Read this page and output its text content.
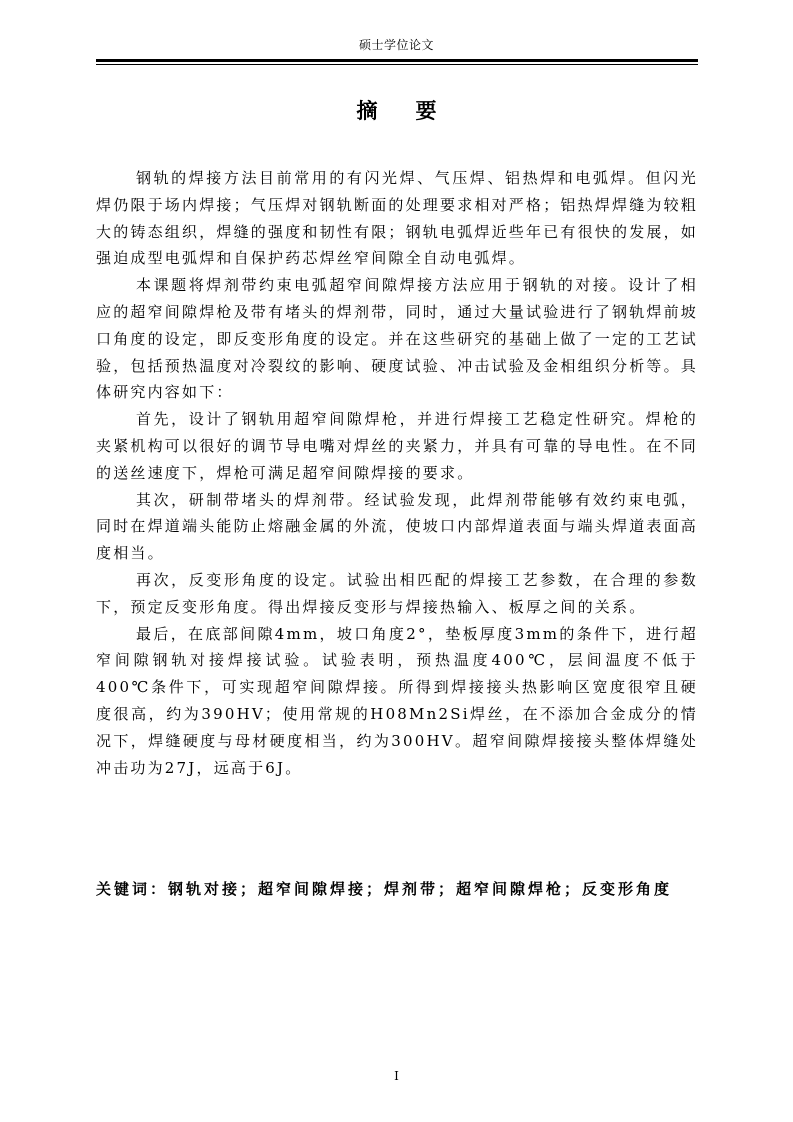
硕士学位论文
摘 要

钢轨的焊接方法目前常用的有闪光焊、气压焊、铝热焊和电弧焊。但闪光焊仍限于场内焊接；气压焊对钢轨断面的处理要求相对严格；铝热焊焊缝为较粗大的铸态组织，焊缝的强度和韧性有限；钢轨电弧焊近些年已有很快的发展，如强迫成型电弧焊和自保护药芯焊丝窄间隙全自动电弧焊。

本课题将焊剂带约束电弧超窄间隙焊接方法应用于钢轨的对接。设计了相应的超窄间隙焊枪及带有堵头的焊剂带，同时，通过大量试验进行了钢轨焊前坡口角度的设定，即反变形角度的设定。并在这些研究的基础上做了一定的工艺试验，包括预热温度对冷裂纹的影响、硬度试验、冲击试验及金相组织分析等。具体研究内容如下：

首先，设计了钢轨用超窄间隙焊枪，并进行焊接工艺稳定性研究。焊枪的夹紧机构可以很好的调节导电嘴对焊丝的夹紧力，并具有可靠的导电性。在不同的送丝速度下，焊枪可满足超窄间隙焊接的要求。

其次，研制带堵头的焊剂带。经试验发现，此焊剂带能够有效约束电弧，同时在焊道端头能防止熔融金属的外流，使坡口内部焊道表面与端头焊道表面高度相当。

再次，反变形角度的设定。试验出相匹配的焊接工艺参数，在合理的参数下，预定反变形角度。得出焊接反变形与焊接热输入、板厚之间的关系。

最后，在底部间隙4mm，坡口角度2°，垫板厚度3mm的条件下，进行超窄间隙钢轨对接焊接试验。试验表明，预热温度400℃，层间温度不低于400℃条件下，可实现超窄间隙焊接。所得到焊接接头热影响区宽度很窄且硬度很高，约为390HV；使用常规的H08Mn2Si焊丝，在不添加合金成分的情况下，焊缝硬度与母材硬度相当，约为300HV。超窄间隙焊接接头整体焊缝处冲击功为27J，远高于6J。

关键词：钢轨对接；超窄间隙焊接；焊剂带；超窄间隙焊枪；反变形角度
I
